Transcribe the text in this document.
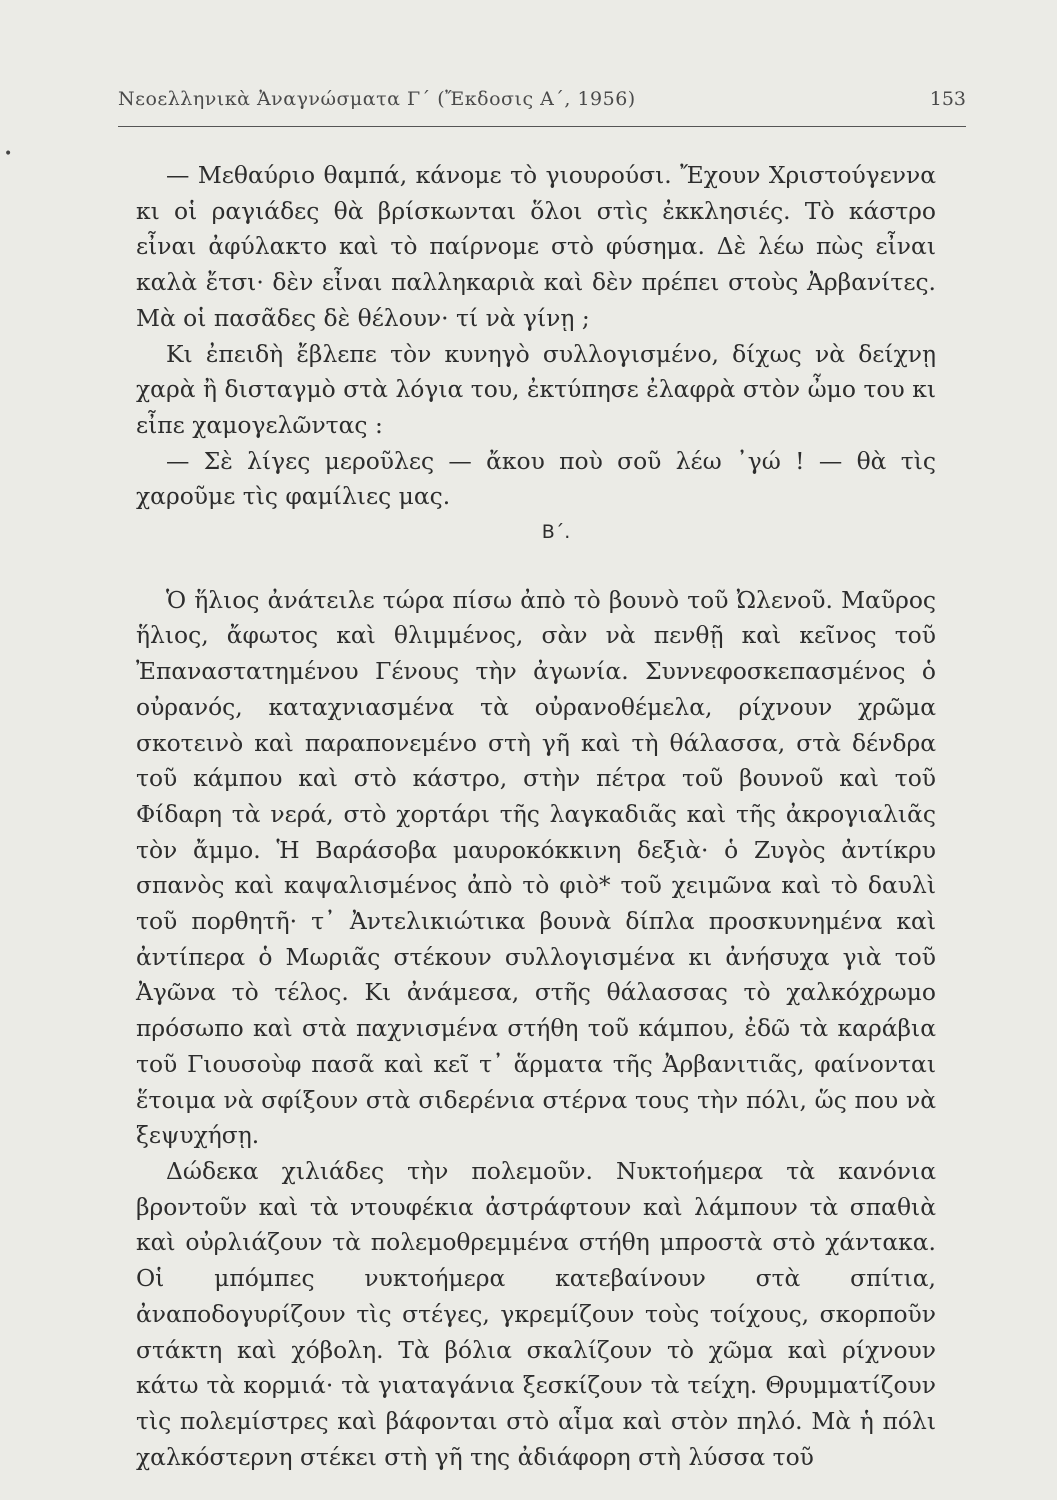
•
Νεοελληνικὰ Ἀναγνώσματα Γ΄ (Ἔκδοσις Α΄, 1956)	153

— Μεθαύριο θαμπά, κάνομε τὸ γιουρούσι. Ἔχουν Χριστούγεννα κι οἱ ραγιάδες θὰ βρίσκωνται ὅλοι στὶς ἐκκλησιές. Τὸ κάστρο εἶναι ἀφύλακτο καὶ τὸ παίρνομε στὸ φύσημα. Δὲ λέω πὼς εἶναι καλὰ ἔτσι· δὲν εἶναι παλληκαριὰ καὶ δὲν πρέπει στοὺς Ἀρβανίτες. Μὰ οἱ πασᾶδες δὲ θέλουν· τί νὰ γίνῃ ;

Κι ἐπειδὴ ἔβλεπε τὸν κυνηγὸ συλλογισμένο, δίχως νὰ δείχνῃ χαρὰ ἢ δισταγμὸ στὰ λόγια του, ἐκτύπησε ἐλαφρὰ στὸν ὦμο του κι εἶπε χαμογελῶντας :

— Σὲ λίγες μεροῦλες — ἄκου ποὺ σοῦ λέω ᾽γώ ! — θὰ τὶς χαροῦμε τὶς φαμίλιες μας.

Β΄.

Ὁ ἥλιος ἀνάτειλε τώρα πίσω ἀπὸ τὸ βουνὸ τοῦ Ὠλενοῦ. Μαῦρος ἥλιος, ἄφωτος καὶ θλιμμένος, σὰν νὰ πενθῇ καὶ κεῖνος τοῦ Ἐπαναστατημένου Γένους τὴν ἀγωνία. Συννεφοσκεπασμένος ὁ οὐρανός, καταχνιασμένα τὰ οὐρανοθέμελα, ρίχνουν χρῶμα σκοτεινὸ καὶ παραπονεμένο στὴ γῆ καὶ τὴ θάλασσα, στὰ δένδρα τοῦ κάμπου καὶ στὸ κάστρο, στὴν πέτρα τοῦ βουνοῦ καὶ τοῦ Φίδαρη τὰ νερά, στὸ χορτάρι τῆς λαγκαδιᾶς καὶ τῆς ἀκρογιαλιᾶς τὸν ἄμμο. Ἡ Βαράσοβα μαυροκόκκινη δεξιὰ· ὁ Ζυγὸς ἀντίκρυ σπανὸς καὶ καψαλισμένος ἀπὸ τὸ φιὸ* τοῦ χειμῶνα καὶ τὸ δαυλὶ τοῦ πορθητῆ· τ᾽ Ἀντελικιώτικα βουνὰ δίπλα προσκυνημένα καὶ ἀντίπερα ὁ Μωριᾶς στέκουν συλλογισμένα κι ἀνήσυχα γιὰ τοῦ Ἀγῶνα τὸ τέλος. Κι ἀνάμεσα, στῆς θάλασσας τὸ χαλκόχρωμο πρόσωπο καὶ στὰ παχνισμένα στήθη τοῦ κάμπου, ἐδῶ τὰ καράβια τοῦ Γιουσοὺφ πασᾶ καὶ κεῖ τ᾽ ἅρματα τῆς Ἀρβανιτιᾶς, φαίνονται ἕτοιμα νὰ σφίξουν στὰ σιδερένια στέρνα τους τὴν πόλι, ὥς που νὰ ξεψυχήσῃ.

Δώδεκα χιλιάδες τὴν πολεμοῦν. Νυκτοήμερα τὰ κανόνια βροντοῦν καὶ τὰ ντουφέκια ἀστράφτουν καὶ λάμπουν τὰ σπαθιὰ καὶ οὐρλιάζουν τὰ πολεμοθρεμμένα στήθη μπροστὰ στὸ χάντακα. Οἱ μπόμπες νυκτοήμερα κατεβαίνουν στὰ σπίτια, ἀναποδογυρίζουν τὶς στέγες, γκρεμίζουν τοὺς τοίχους, σκορποῦν στάκτη καὶ χόβολη. Τὰ βόλια σκαλίζουν τὸ χῶμα καὶ ρίχνουν κάτω τὰ κορμιά· τὰ γιαταγάνια ξεσκίζουν τὰ τείχη. Θρυμματίζουν τὶς πολεμίστρες καὶ βάφονται στὸ αἷμα καὶ στὸν πηλό. Μὰ ἡ πόλι χαλκόστερνη στέκει στὴ γῆ της ἀδιάφορη στὴ λύσσα τοῦ
